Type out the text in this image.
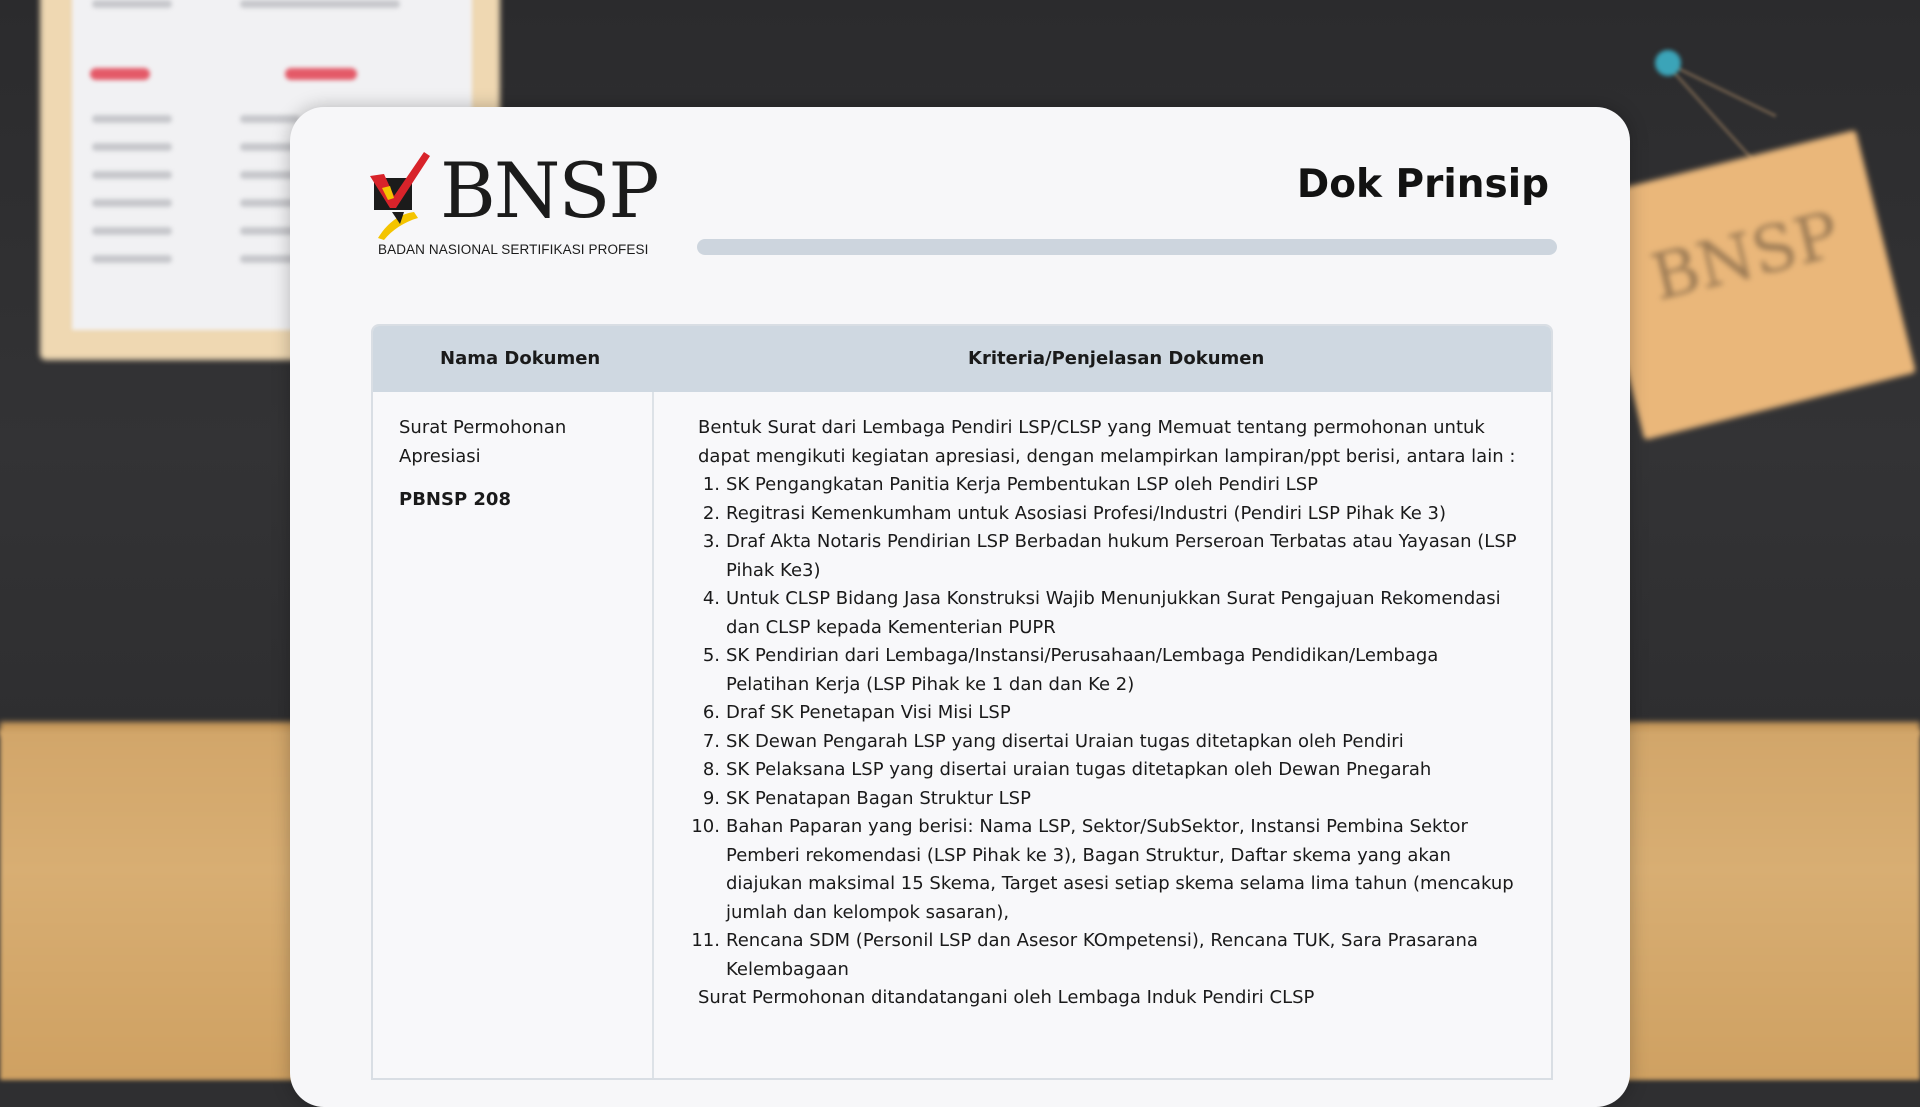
BNSP
BNSP
BADAN NASIONAL SERTIFIKASI PROFESI
Dok Prinsip
Nama Dokumen	Kriteria/Penjelasan Dokumen
Surat Permohonan Apresiasi
PBNSP 208

Bentuk Surat dari Lembaga Pendiri LSP/CLSP yang Memuat tentang permohonan untuk dapat mengikuti kegiatan apresiasi, dengan melampirkan lampiran/ppt berisi, antara lain :

1. SK Pengangkatan Panitia Kerja Pembentukan LSP oleh Pendiri LSP
2. Regitrasi Kemenkumham untuk Asosiasi Profesi/Industri (Pendiri LSP Pihak Ke 3)
3. Draf Akta Notaris Pendirian LSP Berbadan hukum Perseroan Terbatas atau Yayasan (LSP Pihak Ke3)
4. Untuk CLSP Bidang Jasa Konstruksi Wajib Menunjukkan Surat Pengajuan Rekomendasi dan CLSP kepada Kementerian PUPR
5. SK Pendirian dari Lembaga/Instansi/Perusahaan/Lembaga Pendidikan/Lembaga Pelatihan Kerja (LSP Pihak ke 1 dan dan Ke 2)
6. Draf SK Penetapan Visi Misi LSP
7. SK Dewan Pengarah LSP yang disertai Uraian tugas ditetapkan oleh Pendiri
8. SK Pelaksana LSP yang disertai uraian tugas ditetapkan oleh Dewan Pnegarah
9. SK Penatapan Bagan Struktur LSP
10. Bahan Paparan yang berisi: Nama LSP, Sektor/SubSektor, Instansi Pembina Sektor Pemberi rekomendasi (LSP Pihak ke 3), Bagan Struktur, Daftar skema yang akan diajukan maksimal 15 Skema, Target asesi setiap skema selama lima tahun (mencakup jumlah dan kelompok sasaran),
11. Rencana SDM (Personil LSP dan Asesor KOmpetensi), Rencana TUK, Sara Prasarana Kelembagaan

Surat Permohonan ditandatangani oleh Lembaga Induk Pendiri CLSP
